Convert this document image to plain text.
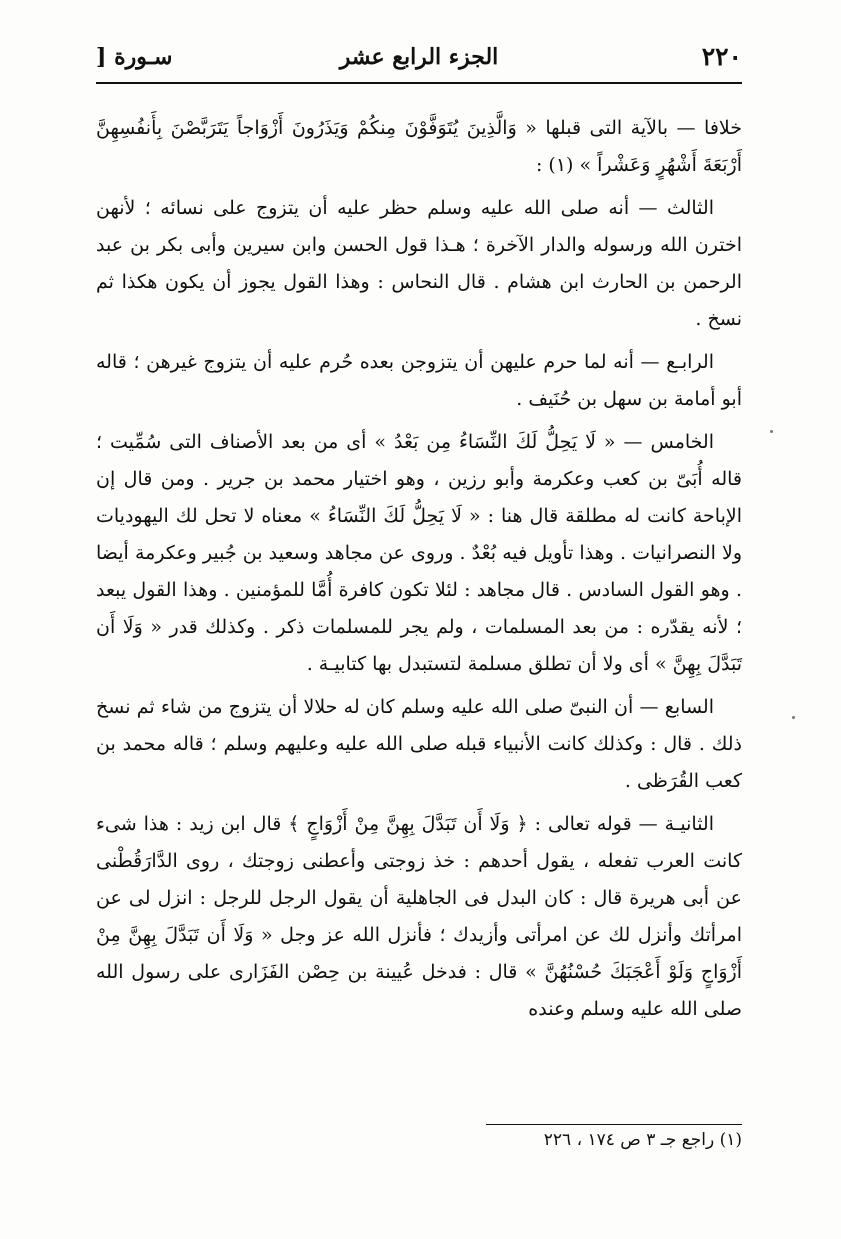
٢٢٠
الجزء الرابع عشر
سـورة [

خلافا — بالآية التى قبلها « وَالَّذِينَ يُتَوَفَّوْنَ مِنكُمْ وَيَذَرُونَ أَزْوَاجاً يَتَرَبَّصْنَ بِأَنفُسِهِنَّ أَرْبَعَةَ أَشْهُرٍ وَعَشْراً » (١) :

الثالث — أنه صلى الله عليه وسلم حظر عليه أن يتزوج على نسائه ؛ لأنهن اخترن الله ورسوله والدار الآخرة ؛ هـذا قول الحسن وابن سيرين وأبى بكر بن عبد الرحمن بن الحارث ابن هشام . قال النحاس : وهذا القول يجوز أن يكون هكذا ثم نسخ .

الرابـع — أنه لما حرم عليهن أن يتزوجن بعده حُرم عليه أن يتزوج غيرهن ؛ قاله أبو أمامة بن سهل بن حُنَيف .

الخامس — « لَا يَحِلُّ لَكَ النِّسَاءُ مِن بَعْدُ » أى من بعد الأصناف التى سُمِّيت ؛ قاله أُبَىّ بن كعب وعكرمة وأبو رزين ، وهو اختيار محمد بن جرير . ومن قال إن الإباحة كانت له مطلقة قال هنا : « لَا يَحِلُّ لَكَ النِّسَاءُ » معناه لا تحل لك اليهوديات ولا النصرانيات . وهذا تأويل فيه بُعْدٌ . وروى عن مجاهد وسعيد بن جُبير وعكرمة أيضا . وهو القول السادس . قال مجاهد : لئلا تكون كافرة أُمَّا للمؤمنين . وهذا القول يبعد ؛ لأنه يقدّره : من بعد المسلمات ، ولم يجر للمسلمات ذكر . وكذلك قدر « وَلَا أَن تَبَدَّلَ بِهِنَّ » أى ولا أن تطلق مسلمة لتستبدل بها كتابيـة .

السابع — أن النبىّ صلى الله عليه وسلم كان له حلالا أن يتزوج من شاء ثم نسخ ذلك . قال : وكذلك كانت الأنبياء قبله صلى الله عليه وعليهم وسلم ؛ قاله محمد بن كعب القُرَظى .

الثانيـة — قوله تعالى : ﴿ وَلَا أَن تَبَدَّلَ بِهِنَّ مِنْ أَزْوَاجٍ ﴾ قال ابن زيد : هذا شىء كانت العرب تفعله ، يقول أحدهم : خذ زوجتى وأعطنى زوجتك ، روى الدَّارَقُطْنى عن أبى هريرة قال : كان البدل فى الجاهلية أن يقول الرجل للرجل : انزل لى عن امرأتك وأنزل لك عن امرأتى وأزيدك ؛ فأنزل الله عز وجل « وَلَا أَن تَبَدَّلَ بِهِنَّ مِنْ أَزْوَاجٍ وَلَوْ أَعْجَبَكَ حُسْنُهُنَّ » قال : فدخل عُيينة بن حِصْن الفَزَارى على رسول الله صلى الله عليه وسلم وعنده

(١) راجع جـ ٣ ص ١٧٤ ، ٢٢٦
